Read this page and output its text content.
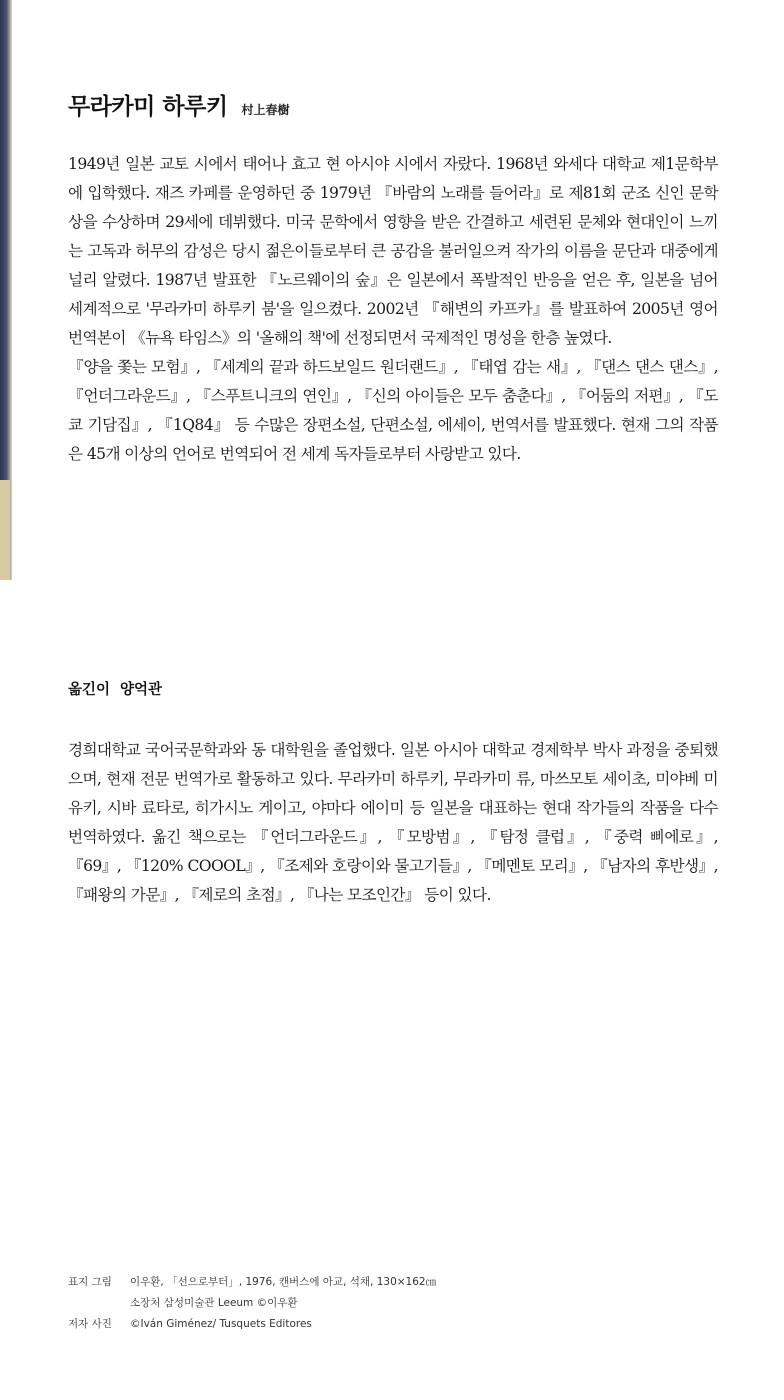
무라카미 하루키 村上春樹

1949년 일본 교토 시에서 태어나 효고 현 아시야 시에서 자랐다. 1968년 와세다 대학교 제1문학부에 입학했다. 재즈 카페를 운영하던 중 1979년 『바람의 노래를 들어라』로 제81회 군조 신인 문학상을 수상하며 29세에 데뷔했다. 미국 문학에서 영향을 받은 간결하고 세련된 문체와 현대인이 느끼는 고독과 허무의 감성은 당시 젊은이들로부터 큰 공감을 불러일으켜 작가의 이름을 문단과 대중에게 널리 알렸다. 1987년 발표한 『노르웨이의 숲』은 일본에서 폭발적인 반응을 얻은 후, 일본을 넘어 세계적으로 '무라카미 하루키 붐'을 일으켰다. 2002년 『해변의 카프카』를 발표하여 2005년 영어 번역본이 《뉴욕 타임스》의 '올해의 책'에 선정되면서 국제적인 명성을 한층 높였다.

『양을 쫓는 모험』, 『세계의 끝과 하드보일드 원더랜드』, 『태엽 감는 새』, 『댄스 댄스 댄스』, 『언더그라운드』, 『스푸트니크의 연인』, 『신의 아이들은 모두 춤춘다』, 『어둠의 저편』, 『도쿄 기담집』, 『1Q84』 등 수많은 장편소설, 단편소설, 에세이, 번역서를 발표했다. 현재 그의 작품은 45개 이상의 언어로 번역되어 전 세계 독자들로부터 사랑받고 있다.

옮긴이 양억관

경희대학교 국어국문학과와 동 대학원을 졸업했다. 일본 아시아 대학교 경제학부 박사 과정을 중퇴했으며, 현재 전문 번역가로 활동하고 있다. 무라카미 하루키, 무라카미 류, 마쓰모토 세이초, 미야베 미유키, 시바 료타로, 히가시노 게이고, 야마다 에이미 등 일본을 대표하는 현대 작가들의 작품을 다수 번역하였다. 옮긴 책으로는 『언더그라운드』, 『모방범』, 『탐정 클럽』, 『중력 삐에로』, 『69』, 『120% COOOL』, 『조제와 호랑이와 물고기들』, 『메멘토 모리』, 『남자의 후반생』, 『패왕의 가문』, 『제로의 초점』, 『나는 모조인간』 등이 있다.

표지 그림	이우환, 「선으로부터」, 1976, 캔버스에 아교, 석채, 130×162㎝
소장처 삼성미술관 Leeum ©이우환
저자 사진	©Iván Giménez/ Tusquets Editores
